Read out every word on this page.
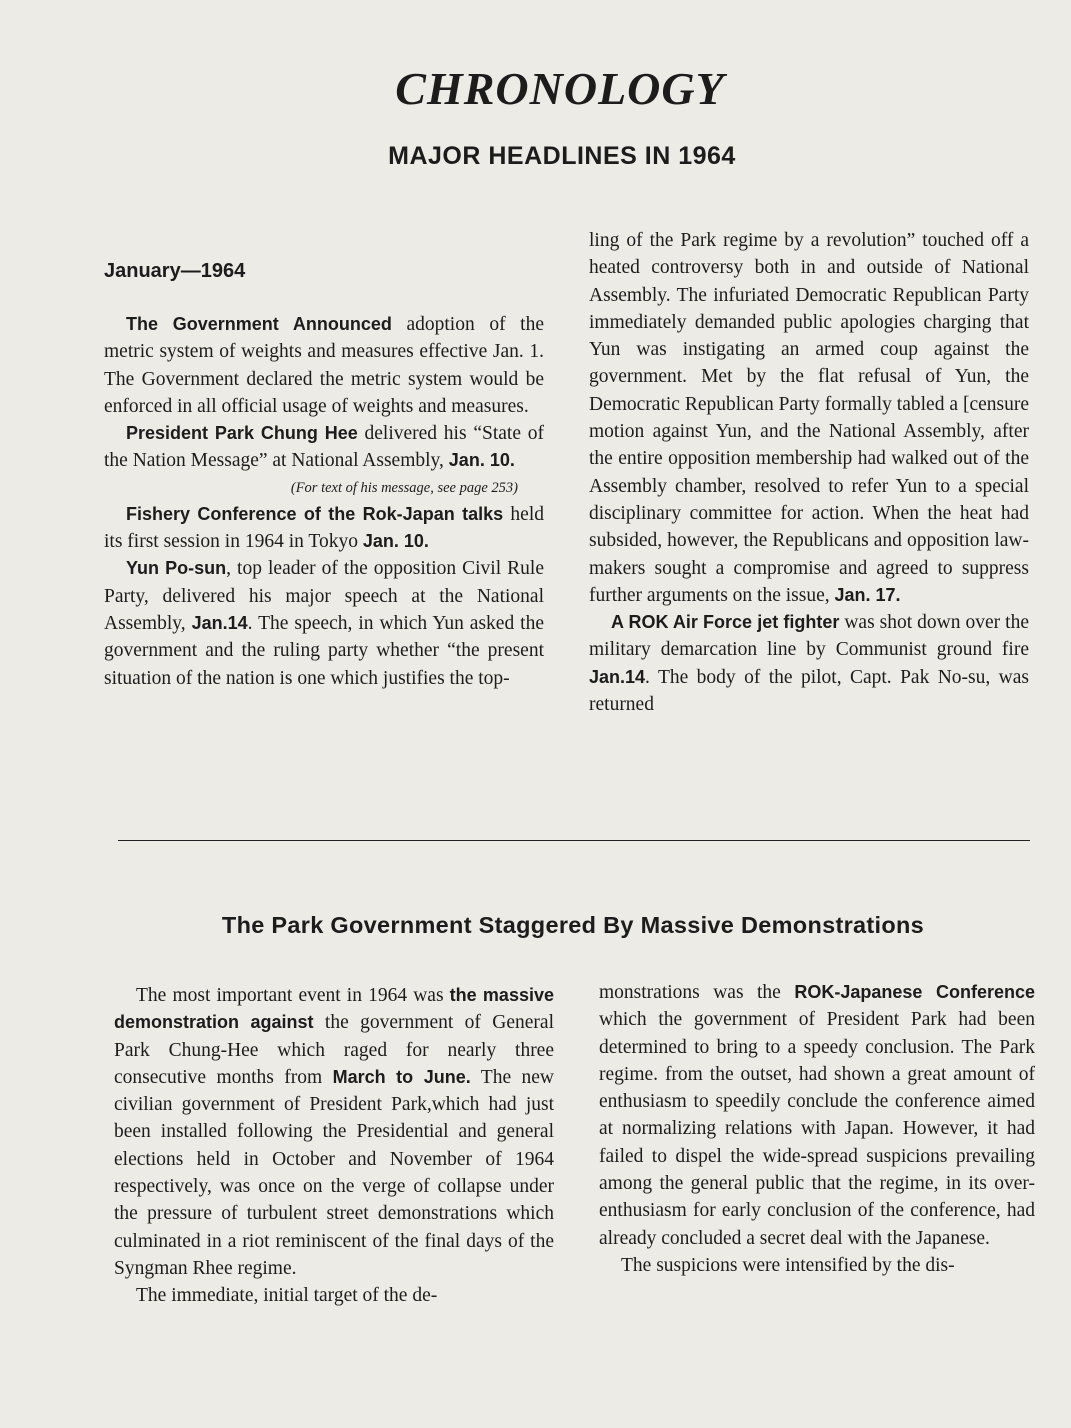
CHRONOLOGY
MAJOR HEADLINES IN 1964
January—1964

The Government Announced adoption of the metric system of weights and measures effective Jan. 1. The Government declared the metric system would be enforced in all official usage of weights and measures.

President Park Chung Hee delivered his “State of the Nation Message” at National Assembly, Jan. 10.

(For text of his message, see page 253)

Fishery Conference of the Rok-Japan talks held its first session in 1964 in Tokyo Jan. 10.

Yun Po-sun, top leader of the opposition Civil Rule Party, delivered his major speech at the National Assembly, Jan.14. The speech, in which Yun asked the government and the ruling party whether “the present situation of the nation is one which justifies the top-

ling of the Park regime by a revolution” touched off a heated controversy both in and outside of National Assembly. The infuriated Democratic Republican Party immediately demanded public apologies charging that Yun was instigating an armed coup against the government. Met by the flat refusal of Yun, the Democratic Republican Party formally tabled a [censure motion against Yun, and the National Assembly, after the entire opposition membership had walked out of the Assembly chamber, resolved to refer Yun to a special disciplinary committee for action. When the heat had subsided, however, the Republicans and opposition law-makers sought a compromise and agreed to suppress further arguments on the issue, Jan. 17.

A ROK Air Force jet fighter was shot down over the military demarcation line by Communist ground fire Jan.14. The body of the pilot, Capt. Pak No-su, was returned

The Park Government Staggered By Massive Demonstrations

The most important event in 1964 was the massive demonstration against the government of General Park Chung-Hee which raged for nearly three consecutive months from March to June. The new civilian government of President Park,which had just been installed following the Presidential and general elections held in October and November of 1964 respectively, was once on the verge of collapse under the pressure of turbulent street demonstrations which culminated in a riot reminiscent of the final days of the Syngman Rhee regime.

The immediate, initial target of the de-

monstrations was the ROK-Japanese Conference which the government of President Park had been determined to bring to a speedy conclusion. The Park regime. from the outset, had shown a great amount of enthusiasm to speedily conclude the conference aimed at normalizing relations with Japan. However, it had failed to dispel the wide-spread suspicions prevailing among the general public that the regime, in its over-enthusiasm for early conclusion of the conference, had already concluded a secret deal with the Japanese.

The suspicions were intensified by the dis-
